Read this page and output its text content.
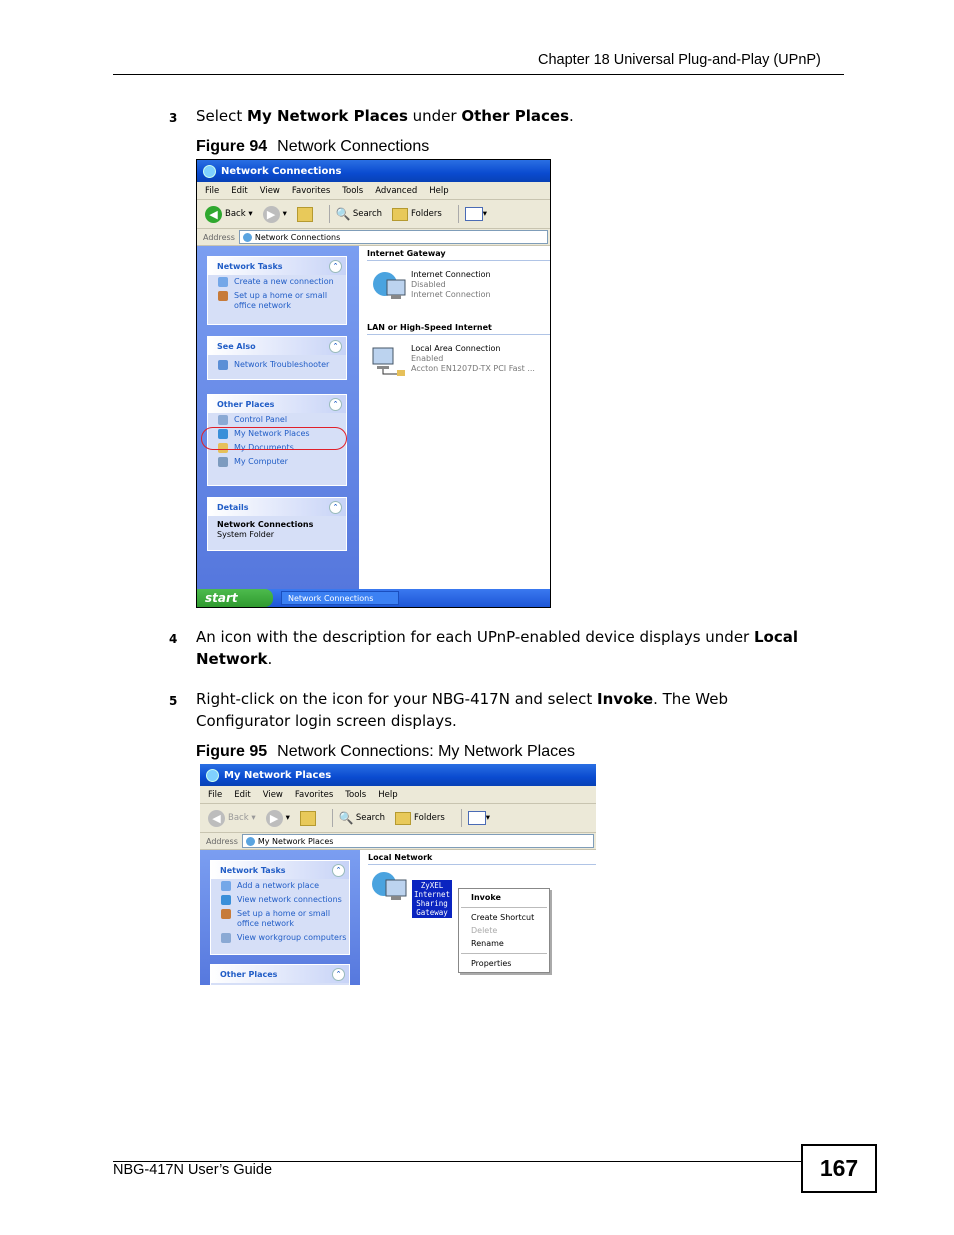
Chapter 18 Universal Plug-and-Play (UPnP)
3 Select My Network Places under Other Places.
Figure 94 Network Connections
Network Connections
File Edit View Favorites Tools Advanced Help
◀ Back ▾	▶ ▾	🔍 Search	Folders	▾
Address	Network Connections
Network Tasks	⌃
Create a new connection
Set up a home or small
office network
See Also	⌃
Network Troubleshooter
Other Places	⌃
Control Panel
My Network Places
My Documents
My Computer
Details	⌃
Network Connections
System Folder
Internet Gateway
Internet Connection
Disabled
Internet Connection
LAN or High-Speed Internet
Local Area Connection
Enabled
Accton EN1207D-TX PCI Fast ...
start	Network Connections
4 An icon with the description for each UPnP-enabled device displays under Local
Network.
5 Right-click on the icon for your NBG-417N and select Invoke. The Web
Configurator login screen displays.
Figure 95 Network Connections: My Network Places
My Network Places
File Edit View Favorites Tools Help
◀ Back ▾	▶ ▾	🔍 Search	Folders	▾
Address	My Network Places
Network Tasks	⌃
Add a network place
View network connections
Set up a home or small
office network
View workgroup computers
Other Places	⌃
Local Network
ZyXEL
Internet
Sharing
Gateway
Invoke
Create Shortcut
Delete
Rename
Properties
NBG-417N User’s Guide	167
